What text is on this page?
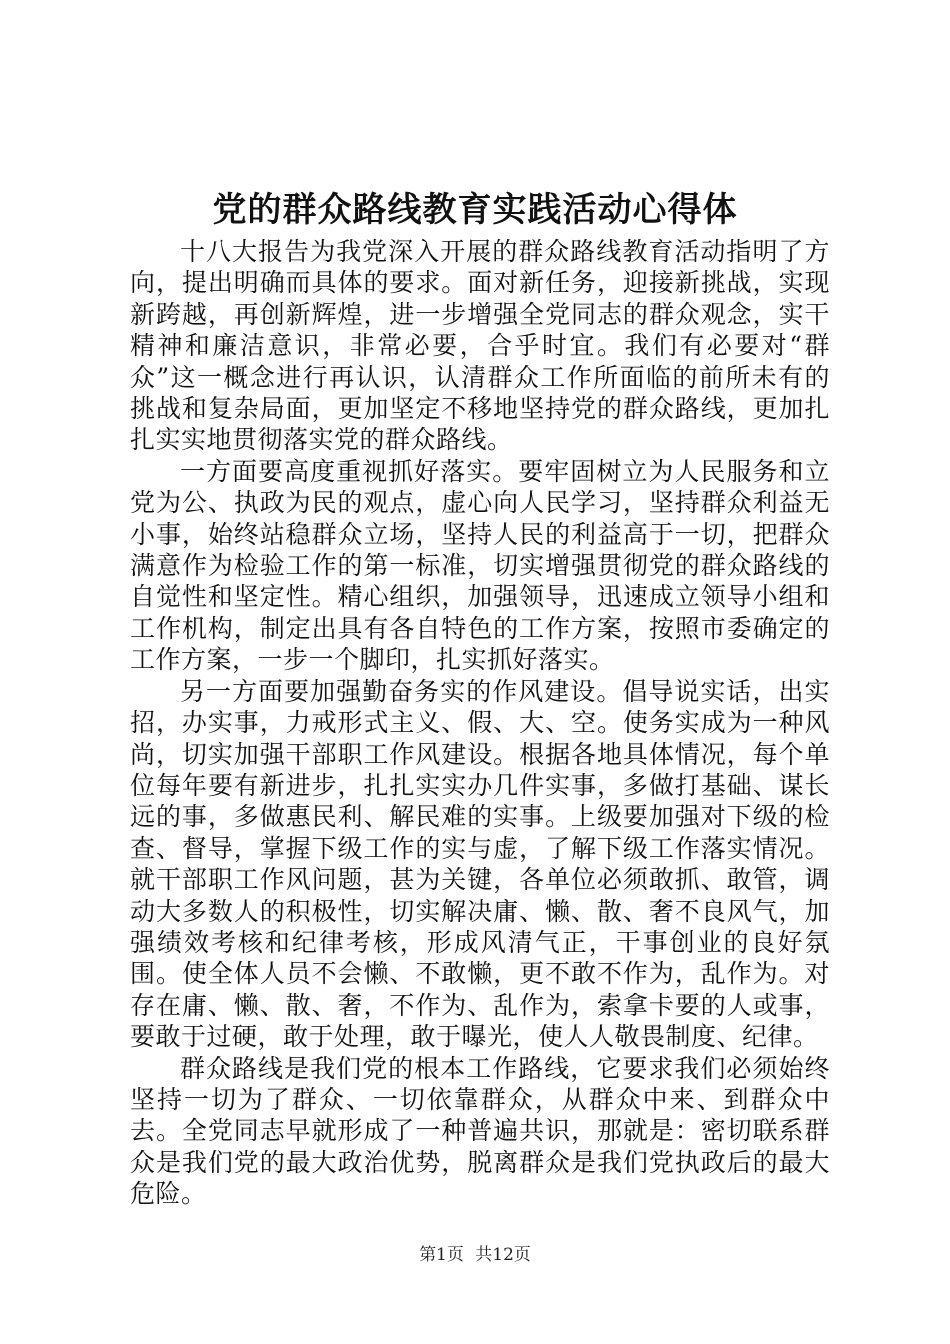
党的群众路线教育实践活动心得体

十八大报告为我党深入开展的群众路线教育活动指明了方向，提出明确而具体的要求。面对新任务，迎接新挑战，实现新跨越，再创新辉煌，进一步增强全党同志的群众观念，实干精神和廉洁意识，非常必要，合乎时宜。我们有必要对“群众”这一概念进行再认识，认清群众工作所面临的前所未有的挑战和复杂局面，更加坚定不移地坚持党的群众路线，更加扎扎实实地贯彻落实党的群众路线。

一方面要高度重视抓好落实。要牢固树立为人民服务和立党为公、执政为民的观点，虚心向人民学习，坚持群众利益无小事，始终站稳群众立场，坚持人民的利益高于一切，把群众满意作为检验工作的第一标准，切实增强贯彻党的群众路线的自觉性和坚定性。精心组织，加强领导，迅速成立领导小组和工作机构，制定出具有各自特色的工作方案，按照市委确定的工作方案，一步一个脚印，扎实抓好落实。

另一方面要加强勤奋务实的作风建设。倡导说实话，出实招，办实事，力戒形式主义、假、大、空。使务实成为一种风尚，切实加强干部职工作风建设。根据各地具体情况，每个单位每年要有新进步，扎扎实实办几件实事，多做打基础、谋长远的事，多做惠民利、解民难的实事。上级要加强对下级的检查、督导，掌握下级工作的实与虚，了解下级工作落实情况。就干部职工作风问题，甚为关键，各单位必须敢抓、敢管，调动大多数人的积极性，切实解决庸、懒、散、奢不良风气，加强绩效考核和纪律考核，形成风清气正，干事创业的良好氛围。使全体人员不会懒、不敢懒，更不敢不作为，乱作为。对存在庸、懒、散、奢，不作为、乱作为，索拿卡要的人或事，要敢于过硬，敢于处理，敢于曝光，使人人敬畏制度、纪律。

群众路线是我们党的根本工作路线，它要求我们必须始终坚持一切为了群众、一切依靠群众，从群众中来、到群众中去。全党同志早就形成了一种普遍共识，那就是：密切联系群众是我们党的最大政治优势，脱离群众是我们党执政后的最大危险。

第1页 共12页
